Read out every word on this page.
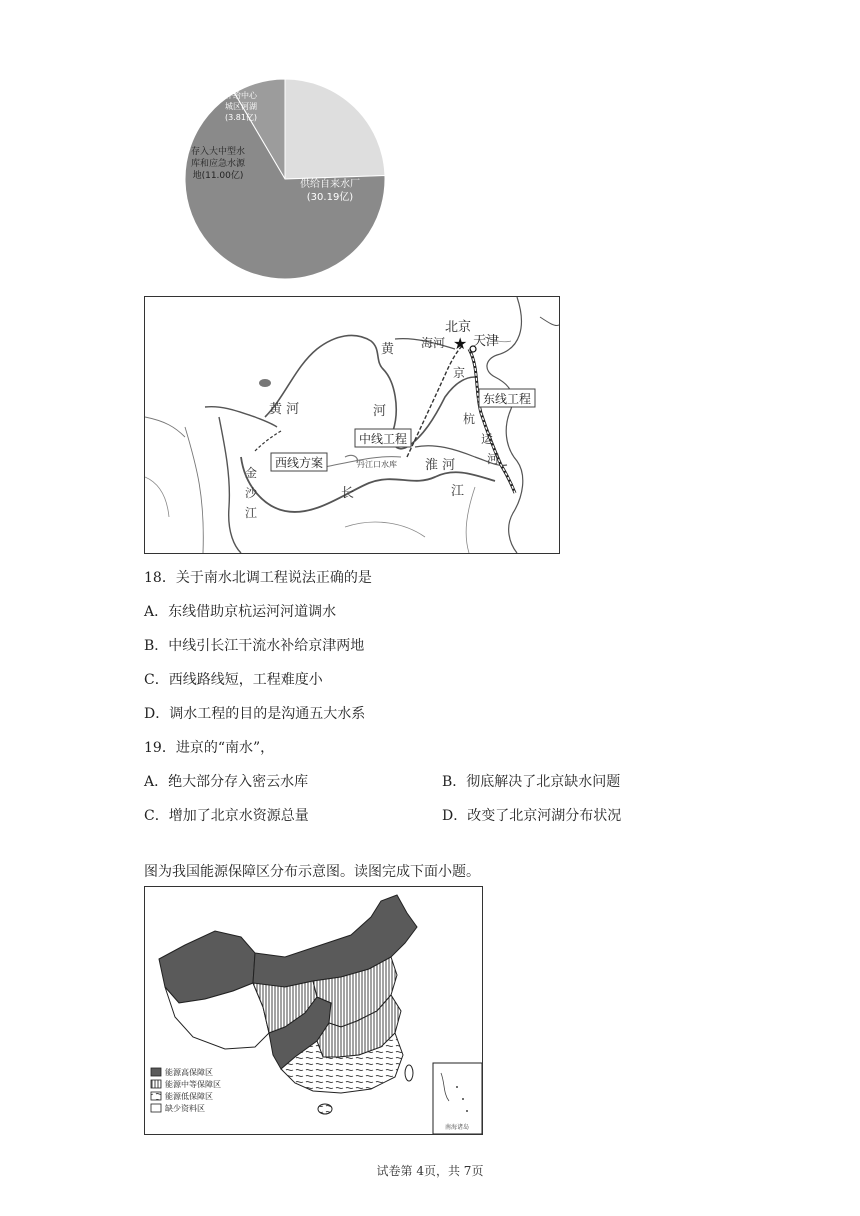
补给中心
城区河湖
(3.81亿)
存入大中型水
库和应急水源
地(11.00亿)
供给自来水厂
(30.19亿)
★
北京
天津
海河
黄
河
黄 河
京
杭
运
河
东线工程
中线工程
西线方案	丹江口水库 淮 河
长	江
金
沙
江
18．关于南水北调工程说法正确的是
A．东线借助京杭运河河道调水
B．中线引长江干流水补给京津两地
C．西线路线短，工程难度小
D．调水工程的目的是沟通五大水系
19．进京的“南水”，
A．绝大部分存入密云水库	B．彻底解决了北京缺水问题
C．增加了北京水资源总量	D．改变了北京河湖分布状况
图为我国能源保障区分布示意图。读图完成下面小题。
能源高保障区
能源中等保障区
能源低保障区
缺少资料区
南海诸岛
试卷第 4页，共 7页
